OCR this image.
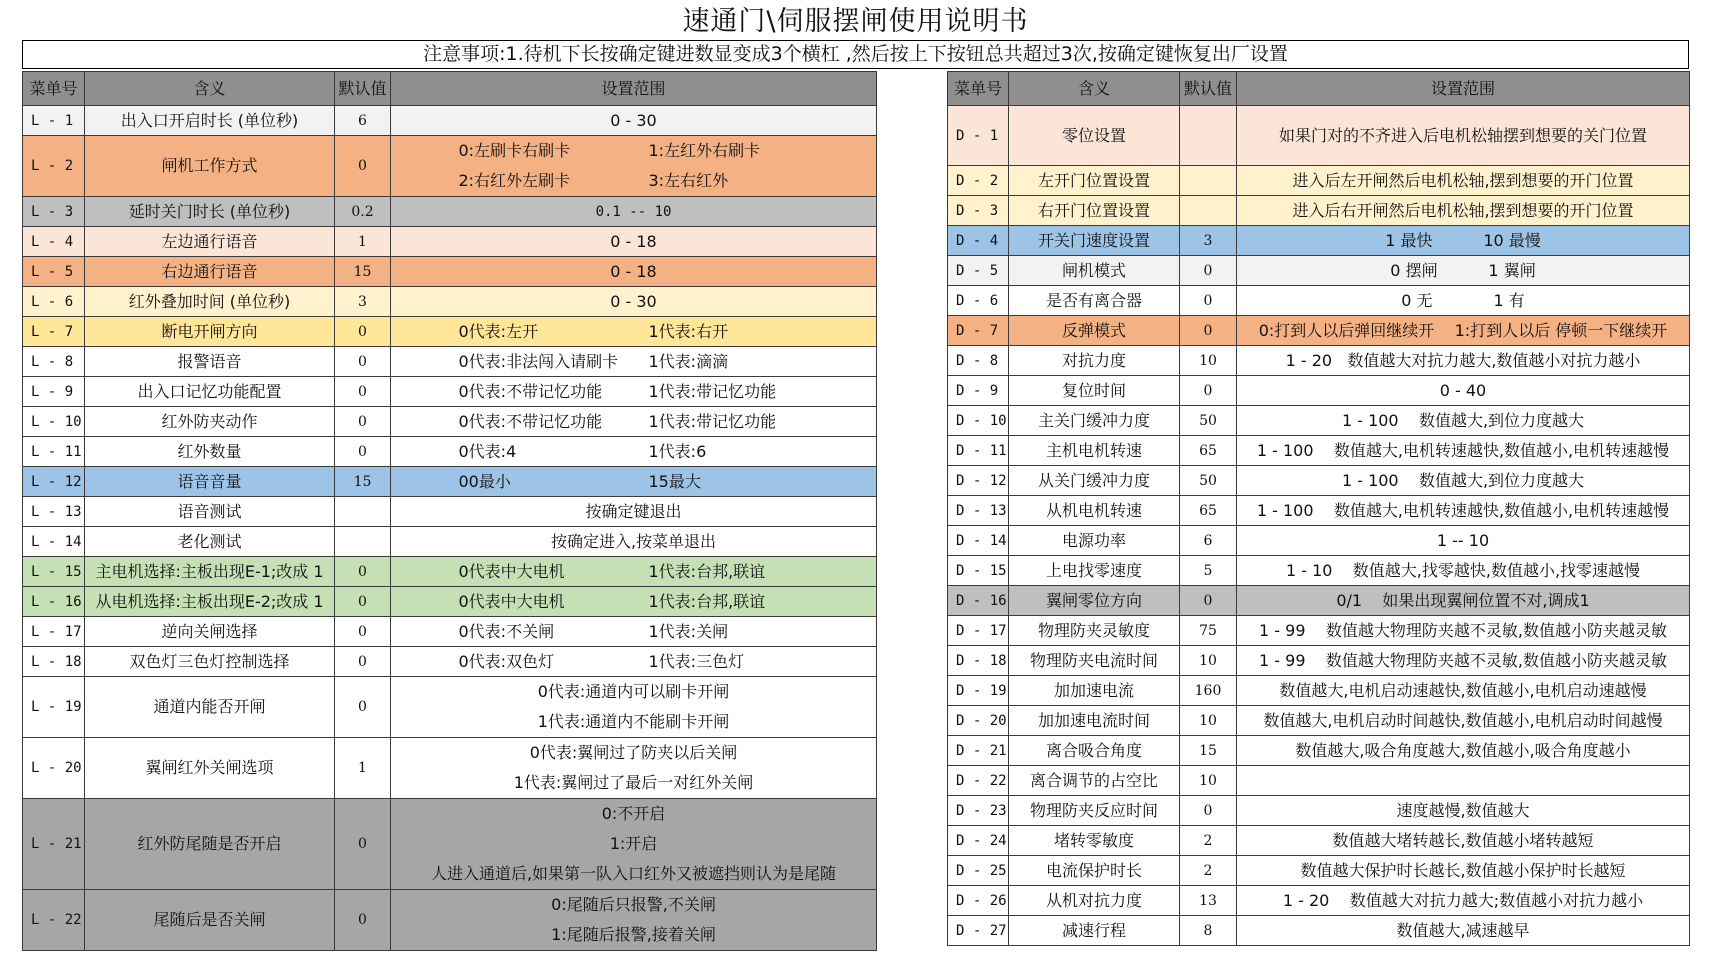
速通门\伺服摆闸使用说明书
注意事项:1.待机下长按确定键进数显变成3个横杠 ,然后按上下按钮总共超过3次,按确定键恢复出厂设置
菜单号	含义	默认值	设置范围
L - 1	出入口开启时长 (单位秒)	6	0 - 30

L - 2	闸机工作方式	0	0:左刷卡右刷卡 1:左红外右刷卡
2:右红外左刷卡 3:左右红外

L - 3	延时关门时长 (单位秒)	0.2	0.1 -- 10

L - 4	左边通行语音	1	0 - 18

L - 5	右边通行语音	15	0 - 18

L - 6	红外叠加时间 (单位秒)	3	0 - 30

L - 7	断电开闸方向	0	0代表:左开 1代表:右开

L - 8	报警语音	0	0代表:非法闯入请刷卡 1代表:滴滴

L - 9	出入口记忆功能配置	0	0代表:不带记忆功能 1代表:带记忆功能

L - 10	红外防夹动作	0	0代表:不带记忆功能 1代表:带记忆功能

L - 11	红外数量	0	0代表:4 1代表:6

L - 12	语音音量	15	00最小 15最大

L - 13	语音测试		按确定键退出

L - 14	老化测试		按确定进入,按菜单退出

L - 15	主电机选择:主板出现E-1;改成 1	0	0代表中大电机 1代表:台邦,联谊

L - 16	从电机选择:主板出现E-2;改成 1	0	0代表中大电机 1代表:台邦,联谊

L - 17	逆向关闸选择	0	0代表:不关闸 1代表:关闸

L - 18	双色灯三色灯控制选择	0	0代表:双色灯 1代表:三色灯

L - 19	通道内能否开闸	0	0代表:通道内可以刷卡开闸
1代表:通道内不能刷卡开闸

L - 20	翼闸红外关闸选项	1	0代表:翼闸过了防夹以后关闸
1代表:翼闸过了最后一对红外关闸

L - 21	红外防尾随是否开启	0	0:不开启
1:开启
人进入通道后,如果第一队入口红外又被遮挡则认为是尾随

L - 22	尾随后是否关闸	0	0:尾随后只报警,不关闸
1:尾随后报警,接着关闸
菜单号	含义	默认值	设置范围
D - 1	零位设置		如果门对的不齐进入后电机松轴摆到想要的关门位置
D - 2	左开门位置设置		进入后左开闸然后电机松轴,摆到想要的开门位置
D - 3	右开门位置设置		进入后右开闸然后电机松轴,摆到想要的开门位置
D - 4	开关门速度设置	3	1 最快          10 最慢
D - 5	闸机模式	0	0 摆闸          1 翼闸
D - 6	是否有离合器	0	0 无            1 有
D - 7	反弹模式	0	0:打到人以后弹回继续开    1:打到人以后 停顿一下继续开
D - 8	对抗力度	10	1 - 20   数值越大对抗力越大,数值越小对抗力越小
D - 9	复位时间	0	0 - 40
D - 10	主关门缓冲力度	50	1 - 100    数值越大,到位力度越大
D - 11	主机电机转速	65	1 - 100    数值越大,电机转速越快,数值越小,电机转速越慢
D - 12	从关门缓冲力度	50	1 - 100    数值越大,到位力度越大
D - 13	从机电机转速	65	1 - 100    数值越大,电机转速越快,数值越小,电机转速越慢
D - 14	电源功率	6	1 -- 10
D - 15	上电找零速度	5	1 - 10    数值越大,找零越快,数值越小,找零速越慢
D - 16	翼闸零位方向	0	0/1    如果出现翼闸位置不对,调成1
D - 17	物理防夹灵敏度	75	1 - 99    数值越大物理防夹越不灵敏,数值越小防夹越灵敏
D - 18	物理防夹电流时间	10	1 - 99    数值越大物理防夹越不灵敏,数值越小防夹越灵敏
D - 19	加加速电流	160	数值越大,电机启动速越快,数值越小,电机启动速越慢
D - 20	加加速电流时间	10	数值越大,电机启动时间越快,数值越小,电机启动时间越慢
D - 21	离合吸合角度	15	数值越大,吸合角度越大,数值越小,吸合角度越小
D - 22	离合调节的占空比	10	
D - 23	物理防夹反应时间	0	速度越慢,数值越大
D - 24	堵转零敏度	2	数值越大堵转越长,数值越小堵转越短
D - 25	电流保护时长	2	数值越大保护时长越长,数值越小保护时长越短
D - 26	从机对抗力度	13	1 - 20    数值越大对抗力越大;数值越小对抗力越小
D - 27	减速行程	8	数值越大,减速越早
